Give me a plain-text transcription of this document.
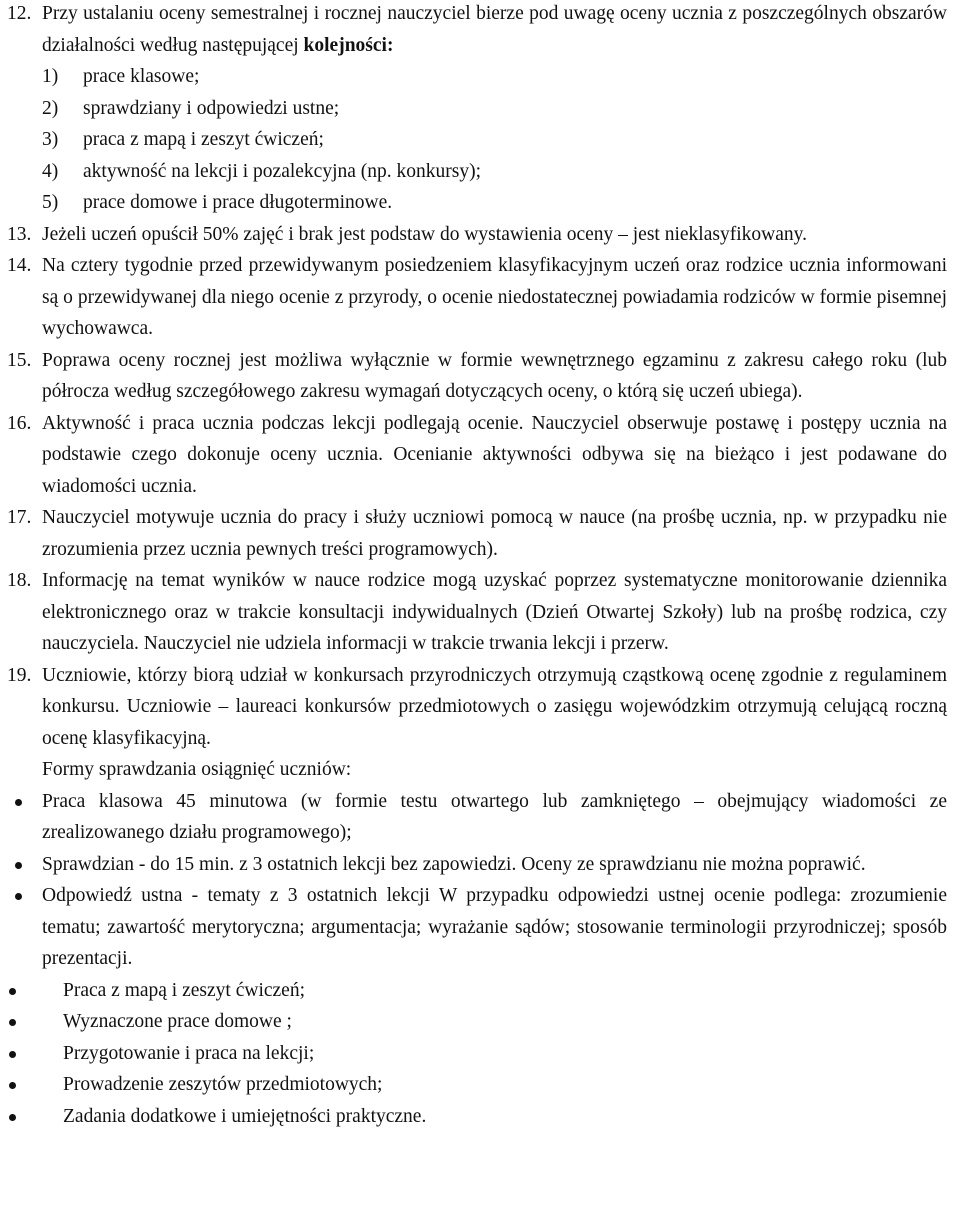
12. Przy ustalaniu oceny semestralnej i rocznej nauczyciel bierze pod uwagę oceny ucznia z poszczególnych obszarów działalności według następującej kolejności:
1) prace klasowe;
2) sprawdziany i odpowiedzi ustne;
3) praca z mapą i zeszyt ćwiczeń;
4) aktywność na lekcji i pozalekcyjna (np. konkursy);
5) prace domowe i prace długoterminowe.
13. Jeżeli uczeń opuścił 50% zajęć i brak jest podstaw do wystawienia oceny – jest nieklasyfikowany.
14. Na cztery tygodnie przed przewidywanym posiedzeniem klasyfikacyjnym uczeń oraz rodzice ucznia informowani są o przewidywanej dla niego ocenie z przyrody, o ocenie niedostatecznej powiadamia rodziców w formie pisemnej wychowawca.
15. Poprawa oceny rocznej jest możliwa wyłącznie w formie wewnętrznego egzaminu z zakresu całego roku (lub półrocza według szczegółowego zakresu wymagań dotyczących oceny, o którą się uczeń ubiega).
16. Aktywność i praca ucznia podczas lekcji podlegają ocenie. Nauczyciel obserwuje postawę i postępy ucznia na podstawie czego dokonuje oceny ucznia. Ocenianie aktywności odbywa się na bieżąco i jest podawane do wiadomości ucznia.
17. Nauczyciel motywuje ucznia do pracy i służy uczniowi pomocą w nauce (na prośbę ucznia, np. w przypadku nie zrozumienia przez ucznia pewnych treści programowych).
18. Informację na temat wyników w nauce rodzice mogą uzyskać poprzez systematyczne monitorowanie dziennika elektronicznego oraz w trakcie konsultacji indywidualnych (Dzień Otwartej Szkoły) lub na prośbę rodzica, czy nauczyciela. Nauczyciel nie udziela informacji w trakcie trwania lekcji i przerw.
19. Uczniowie, którzy biorą udział w konkursach przyrodniczych otrzymują cząstkową ocenę zgodnie z regulaminem konkursu. Uczniowie – laureaci konkursów przedmiotowych o zasięgu wojewódzkim otrzymują celującą roczną ocenę klasyfikacyjną.
Formy sprawdzania osiągnięć uczniów:
Praca klasowa 45 minutowa (w formie testu otwartego lub zamkniętego – obejmujący wiadomości ze zrealizowanego działu programowego);
Sprawdzian - do 15 min. z 3 ostatnich lekcji bez zapowiedzi. Oceny ze sprawdzianu nie można poprawić.
Odpowiedź ustna - tematy z 3 ostatnich lekcji W przypadku odpowiedzi ustnej ocenie podlega: zrozumienie tematu; zawartość merytoryczna; argumentacja; wyrażanie sądów; stosowanie terminologii przyrodniczej; sposób prezentacji.
Praca z mapą i zeszyt ćwiczeń;
Wyznaczone prace domowe ;
Przygotowanie i praca na lekcji;
Prowadzenie zeszytów przedmiotowych;
Zadania dodatkowe i umiejętności praktyczne.
